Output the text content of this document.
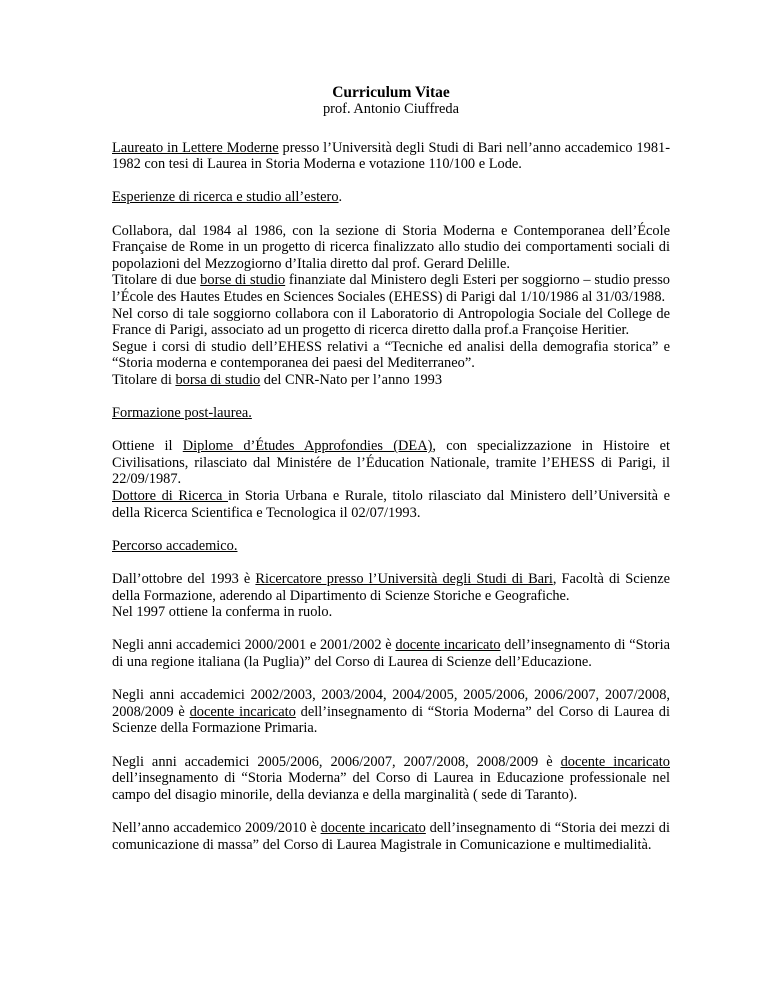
Curriculum Vitae
prof. Antonio Ciuffreda

Laureato in Lettere Moderne presso l’Università degli Studi di Bari nell’anno accademico 1981-1982 con tesi di Laurea in Storia Moderna e votazione 110/100 e Lode.

Esperienze di ricerca e studio all’estero.

Collabora, dal 1984 al 1986, con la sezione di Storia Moderna e Contemporanea dell’École Française de Rome in un progetto di ricerca finalizzato allo studio dei comportamenti sociali di popolazioni del Mezzogiorno d’Italia diretto dal prof. Gerard Delille.
Titolare di due borse di studio finanziate dal Ministero degli Esteri per soggiorno – studio presso l’École des Hautes Etudes en Sciences Sociales (EHESS) di Parigi dal 1/10/1986 al 31/03/1988.
Nel corso di tale soggiorno collabora con il Laboratorio di Antropologia Sociale del College de France di Parigi, associato ad un progetto di ricerca diretto dalla prof.a Françoise Heritier.
Segue i corsi di studio dell’EHESS relativi a “Tecniche ed analisi della demografia storica” e “Storia moderna e contemporanea dei paesi del Mediterraneo”.
Titolare di borsa di studio del CNR-Nato per l’anno 1993

Formazione post-laurea.

Ottiene il Diplome d’Études Approfondies (DEA), con specializzazione in Histoire et Civilisations, rilasciato dal Ministére de l’Éducation Nationale, tramite l’EHESS di Parigi, il 22/09/1987.
Dottore di Ricerca in Storia Urbana e Rurale, titolo rilasciato dal Ministero dell’Università e della Ricerca Scientifica e Tecnologica il 02/07/1993.

Percorso accademico.

Dall’ottobre del 1993 è Ricercatore presso l’Università degli Studi di Bari, Facoltà di Scienze della Formazione, aderendo al Dipartimento di Scienze Storiche e Geografiche.
Nel 1997 ottiene la conferma in ruolo.

Negli anni accademici 2000/2001 e 2001/2002 è docente incaricato dell’insegnamento di “Storia di una regione italiana (la Puglia)” del Corso di Laurea di Scienze dell’Educazione.

Negli anni accademici 2002/2003, 2003/2004, 2004/2005, 2005/2006, 2006/2007, 2007/2008, 2008/2009 è docente incaricato dell’insegnamento di “Storia Moderna” del Corso di Laurea di Scienze della Formazione Primaria.

Negli anni accademici 2005/2006, 2006/2007, 2007/2008, 2008/2009 è docente incaricato dell’insegnamento di “Storia Moderna” del Corso di Laurea in Educazione professionale nel campo del disagio minorile, della devianza e della marginalità ( sede di Taranto).

Nell’anno accademico 2009/2010 è docente incaricato dell’insegnamento di “Storia dei mezzi di comunicazione di massa” del Corso di Laurea Magistrale in Comunicazione e multimedialità.
